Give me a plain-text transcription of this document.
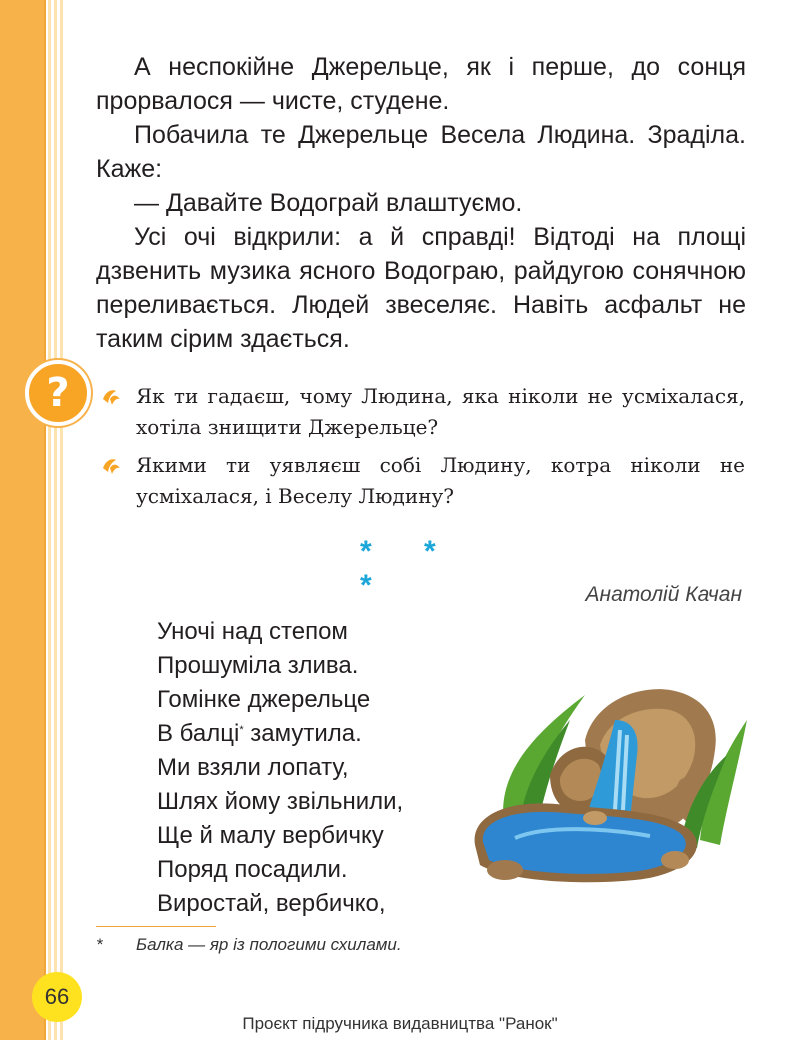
А неспокійне Джерельце, як і перше, до сонця прорвалося — чисте, студене.

Побачила те Джерельце Весела Людина. Зраділа. Каже:

— Давайте Водограй влаштуємо.

Усі очі відкрили: а й справді! Відтоді на площі дзвенить музика ясного Водограю, райдугою сонячною переливається. Людей звеселяє. Навіть асфальт не таким сірим здається.

?	Як ти гадаєш, чому Людина, яка ніколи не усміхалася, хотіла знищити Джерельце?
Якими ти уявляєш собі Людину, котра ніколи не усміхалася, і Веселу Людину?
* * *	Анатолій Качан
Уночі над степом
Прошуміла злива.
Гомінке джерельце
В балці* замутила.
Ми взяли лопату,
Шлях йому звільнили,
Ще й малу вербичку
Поряд посадили.
Виростай, вербичко,
* Балка — яр із пологими схилами.
66
Проєкт підручника видавництва "Ранок"
